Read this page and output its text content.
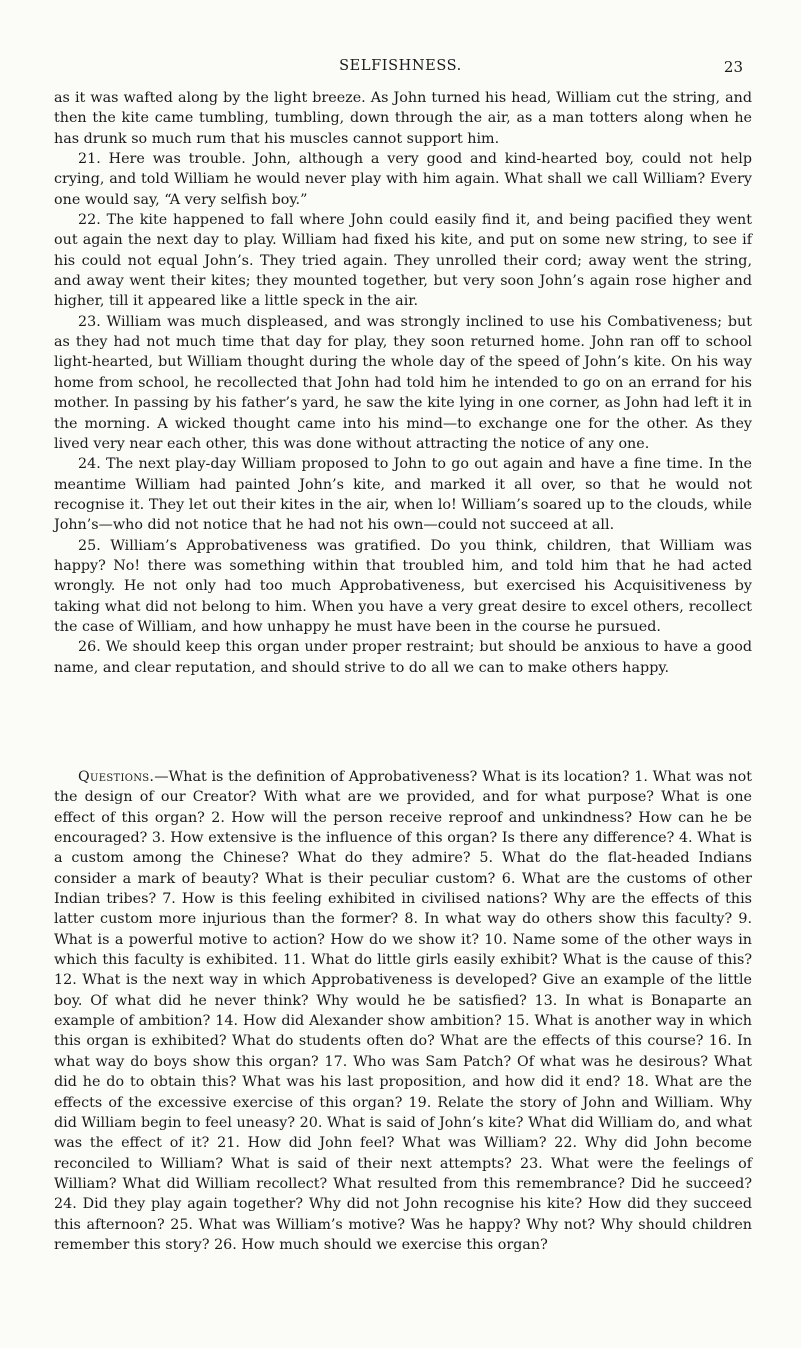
SELFISHNESS.	23

as it was wafted along by the light breeze. As John turned his head, William cut the string, and then the kite came tumbling, tumbling, down through the air, as a man totters along when he has drunk so much rum that his muscles cannot support him.

21. Here was trouble. John, although a very good and kind-hearted boy, could not help crying, and told William he would never play with him again. What shall we call William? Every one would say, “A very selfish boy.”

22. The kite happened to fall where John could easily find it, and being pacified they went out again the next day to play. William had fixed his kite, and put on some new string, to see if his could not equal John’s. They tried again. They unrolled their cord; away went the string, and away went their kites; they mounted together, but very soon John’s again rose higher and higher, till it appeared like a little speck in the air.

23. William was much displeased, and was strongly inclined to use his Combativeness; but as they had not much time that day for play, they soon returned home. John ran off to school light-hearted, but William thought during the whole day of the speed of John’s kite. On his way home from school, he recollected that John had told him he intended to go on an errand for his mother. In passing by his father’s yard, he saw the kite lying in one corner, as John had left it in the morning. A wicked thought came into his mind—to exchange one for the other. As they lived very near each other, this was done without attracting the notice of any one.

24. The next play-day William proposed to John to go out again and have a fine time. In the meantime William had painted John’s kite, and marked it all over, so that he would not recognise it. They let out their kites in the air, when lo! William’s soared up to the clouds, while John’s—who did not notice that he had not his own—could not succeed at all.

25. William’s Approbativeness was gratified. Do you think, children, that William was happy? No! there was something within that troubled him, and told him that he had acted wrongly. He not only had too much Approbativeness, but exercised his Acquisitiveness by taking what did not belong to him. When you have a very great desire to excel others, recollect the case of William, and how unhappy he must have been in the course he pursued.

26. We should keep this organ under proper restraint; but should be anxious to have a good name, and clear reputation, and should strive to do all we can to make others happy.

Questions.—What is the definition of Approbativeness? What is its location? 1. What was not the design of our Creator? With what are we provided, and for what purpose? What is one effect of this organ? 2. How will the person receive reproof and unkindness? How can he be encouraged? 3. How extensive is the influence of this organ? Is there any difference? 4. What is a custom among the Chinese? What do they admire? 5. What do the flat-headed Indians consider a mark of beauty? What is their peculiar custom? 6. What are the customs of other Indian tribes? 7. How is this feeling exhibited in civilised nations? Why are the effects of this latter custom more injurious than the former? 8. In what way do others show this faculty? 9. What is a powerful motive to action? How do we show it? 10. Name some of the other ways in which this faculty is exhibited. 11. What do little girls easily exhibit? What is the cause of this? 12. What is the next way in which Approbativeness is developed? Give an example of the little boy. Of what did he never think? Why would he be satisfied? 13. In what is Bonaparte an example of ambition? 14. How did Alexander show ambition? 15. What is another way in which this organ is exhibited? What do students often do? What are the effects of this course? 16. In what way do boys show this organ? 17. Who was Sam Patch? Of what was he desirous? What did he do to obtain this? What was his last proposition, and how did it end? 18. What are the effects of the excessive exercise of this organ? 19. Relate the story of John and William. Why did William begin to feel uneasy? 20. What is said of John’s kite? What did William do, and what was the effect of it? 21. How did John feel? What was William? 22. Why did John become reconciled to William? What is said of their next attempts? 23. What were the feelings of William? What did William recollect? What resulted from this remembrance? Did he succeed? 24. Did they play again together? Why did not John recognise his kite? How did they succeed this afternoon? 25. What was William’s motive? Was he happy? Why not? Why should children remember this story? 26. How much should we exercise this organ?
